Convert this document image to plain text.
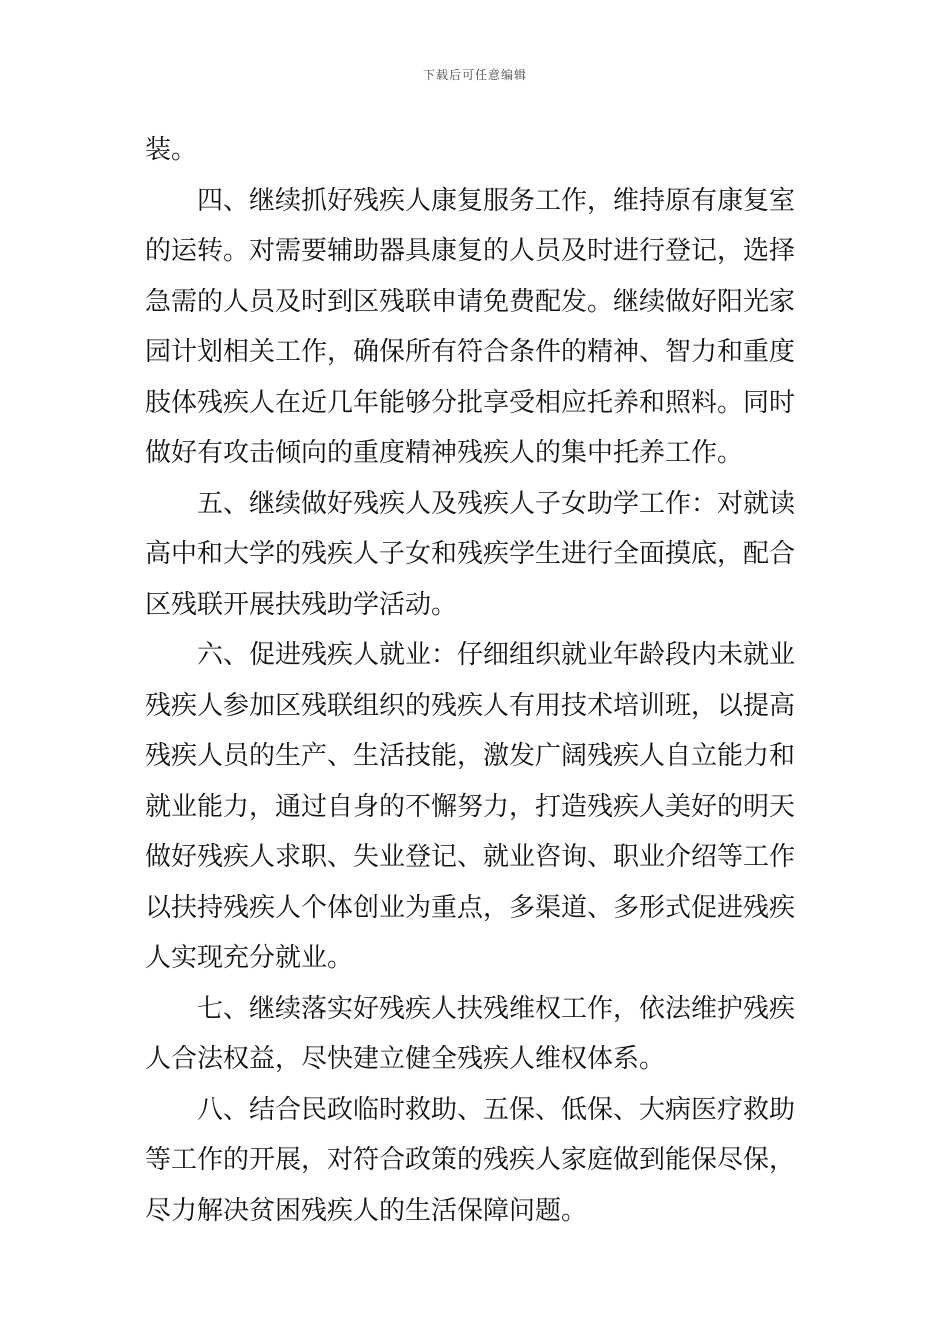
下载后可任意编辑
装。
四、继续抓好残疾人康复服务工作，维持原有康复室
的运转。对需要辅助器具康复的人员及时进行登记，选择
急需的人员及时到区残联申请免费配发。继续做好阳光家
园计划相关工作，确保所有符合条件的精神、智力和重度
肢体残疾人在近几年能够分批享受相应托养和照料。同时
做好有攻击倾向的重度精神残疾人的集中托养工作。
五、继续做好残疾人及残疾人子女助学工作：对就读
高中和大学的残疾人子女和残疾学生进行全面摸底，配合
区残联开展扶残助学活动。
六、促进残疾人就业：仔细组织就业年龄段内未就业
残疾人参加区残联组织的残疾人有用技术培训班，以提高
残疾人员的生产、生活技能，激发广阔残疾人自立能力和
就业能力，通过自身的不懈努力，打造残疾人美好的明天
做好残疾人求职、失业登记、就业咨询、职业介绍等工作
以扶持残疾人个体创业为重点，多渠道、多形式促进残疾
人实现充分就业。
七、继续落实好残疾人扶残维权工作，依法维护残疾
人合法权益，尽快建立健全残疾人维权体系。
八、结合民政临时救助、五保、低保、大病医疗救助
等工作的开展，对符合政策的残疾人家庭做到能保尽保，
尽力解决贫困残疾人的生活保障问题。
